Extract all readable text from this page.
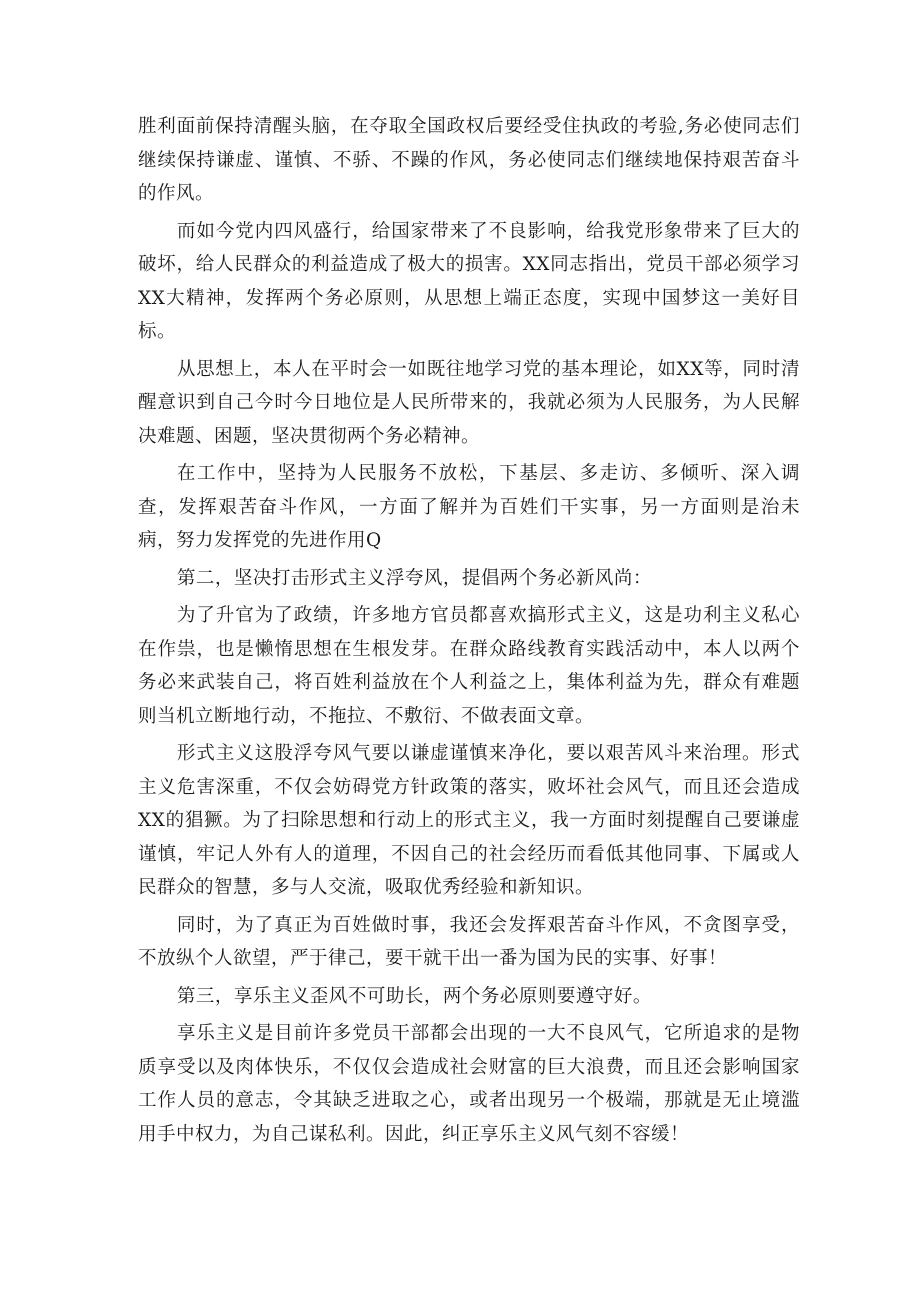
胜利面前保持清醒头脑，在夺取全国政权后要经受住执政的考验,务必使同志们继续保持谦虚、谨慎、不骄、不躁的作风，务必使同志们继续地保持艰苦奋斗的作风。

而如今党内四风盛行，给国家带来了不良影响，给我党形象带来了巨大的破坏，给人民群众的利益造成了极大的损害。XX同志指出，党员干部必须学习XX大精神，发挥两个务必原则，从思想上端正态度，实现中国梦这一美好目标。

从思想上，本人在平时会一如既往地学习党的基本理论，如XX等，同时清醒意识到自己今时今日地位是人民所带来的，我就必须为人民服务，为人民解决难题、困题，坚决贯彻两个务必精神。

在工作中，坚持为人民服务不放松，下基层、多走访、多倾听、深入调查，发挥艰苦奋斗作风，一方面了解并为百姓们干实事，另一方面则是治未病，努力发挥党的先进作用Q

第二，坚决打击形式主义浮夸风，提倡两个务必新风尚：

为了升官为了政绩，许多地方官员都喜欢搞形式主义，这是功利主义私心在作祟，也是懒惰思想在生根发芽。在群众路线教育实践活动中，本人以两个务必来武装自己，将百姓利益放在个人利益之上，集体利益为先，群众有难题则当机立断地行动，不拖拉、不敷衍、不做表面文章。

形式主义这股浮夸风气要以谦虚谨慎来净化，要以艰苦风斗来治理。形式主义危害深重，不仅会妨碍党方针政策的落实，败坏社会风气，而且还会造成XX的猖獗。为了扫除思想和行动上的形式主义，我一方面时刻提醒自己要谦虚谨慎，牢记人外有人的道理，不因自己的社会经历而看低其他同事、下属或人民群众的智慧，多与人交流，吸取优秀经验和新知识。

同时，为了真正为百姓做时事，我还会发挥艰苦奋斗作风，不贪图享受，不放纵个人欲望，严于律己，要干就干出一番为国为民的实事、好事！

第三，享乐主义歪风不可助长，两个务必原则要遵守好。

享乐主义是目前许多党员干部都会出现的一大不良风气，它所追求的是物质享受以及肉体快乐，不仅仅会造成社会财富的巨大浪费，而且还会影响国家工作人员的意志，令其缺乏进取之心，或者出现另一个极端，那就是无止境滥用手中权力，为自己谋私利。因此，纠正享乐主义风气刻不容缓！
